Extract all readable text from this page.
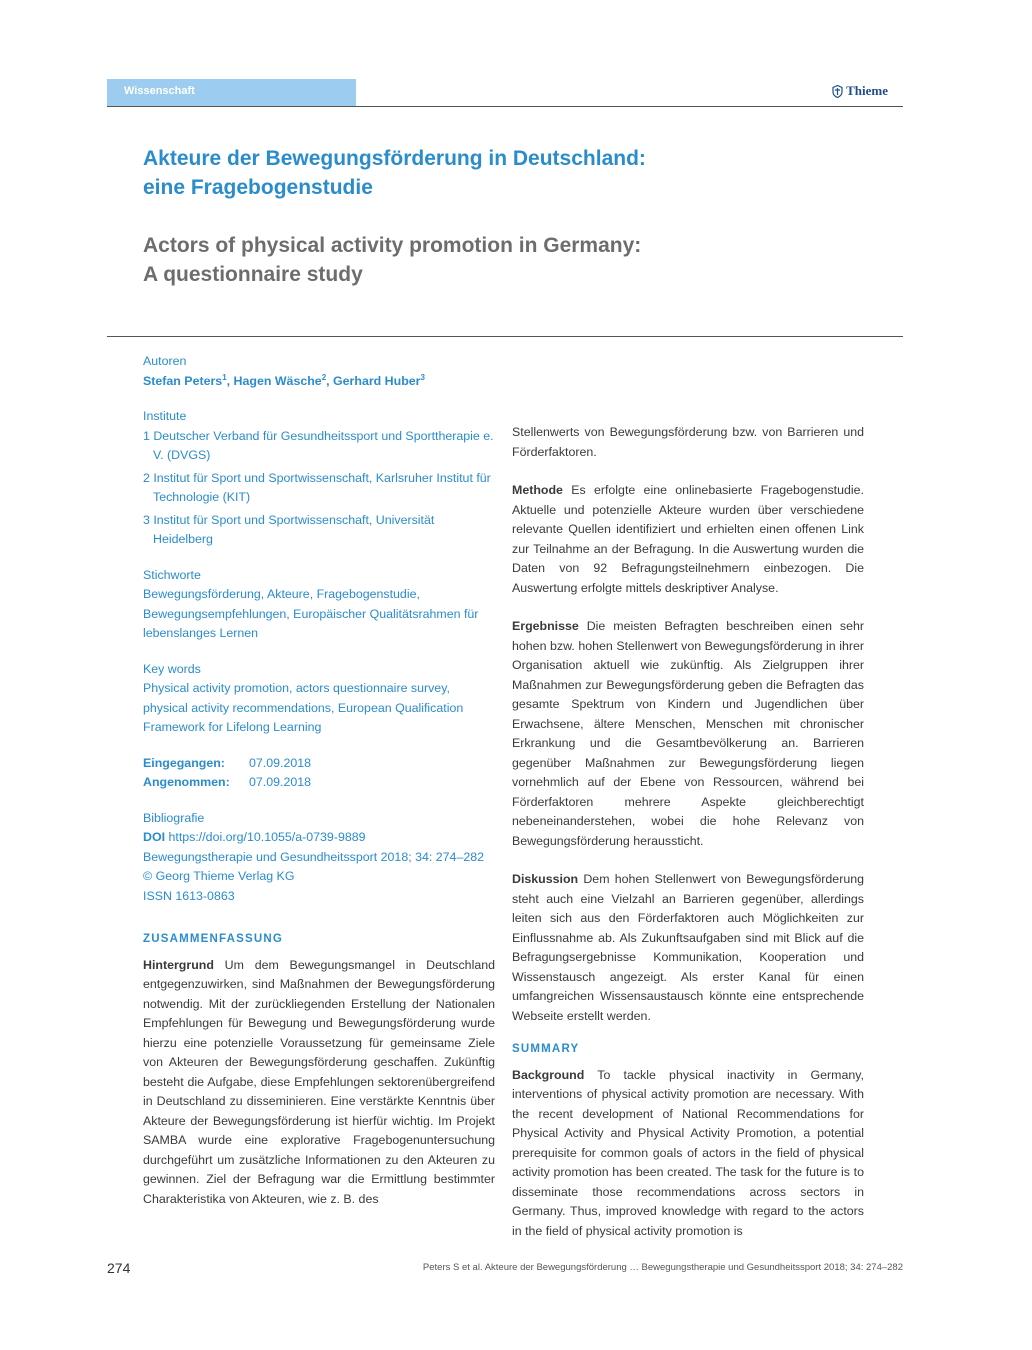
Wissenschaft	Thieme
Akteure der Bewegungsförderung in Deutschland:
eine Fragebogenstudie
Actors of physical activity promotion in Germany:
A questionnaire study

Autoren

Stefan Peters$^1$, Hagen Wäsche$^2$, Gerhard Huber$^3$

Institute

1 Deutscher Verband für Gesundheitssport und Sporttherapie e. V. (DVGS)

2 Institut für Sport und Sportwissenschaft, Karlsruher Institut für Technologie (KIT)

3 Institut für Sport und Sportwissenschaft, Universität Heidelberg

Stichworte

Bewegungsförderung, Akteure, Fragebogenstudie, Bewegungsempfehlungen, Europäischer Qualitätsrahmen für lebenslanges Lernen

Key words

Physical activity promotion, actors questionnaire survey, physical activity recommendations, European Qualification Framework for Lifelong Learning

Eingegangen:	07.09.2018
Angenommen:	07.09.2018

Bibliografie

DOI https://doi.org/10.1055/a-0739-9889

Bewegungstherapie und Gesundheitssport 2018; 34: 274–282

© Georg Thieme Verlag KG

ISSN 1613-0863

ZUSAMMENFASSUNG

Hintergrund Um dem Bewegungsmangel in Deutschland entgegenzuwirken, sind Maßnahmen der Bewegungsförderung notwendig. Mit der zurückliegenden Erstellung der Nationalen Empfehlungen für Bewegung und Bewegungsförderung wurde hierzu eine potenzielle Voraussetzung für gemeinsame Ziele von Akteuren der Bewegungsförderung geschaffen. Zukünftig besteht die Aufgabe, diese Empfehlungen sektorenübergreifend in Deutschland zu disseminieren. Eine verstärkte Kenntnis über Akteure der Bewegungsförderung ist hierfür wichtig. Im Projekt SAMBA wurde eine explorative Fragebogenuntersuchung durchgeführt um zusätzliche Informationen zu den Akteuren zu gewinnen. Ziel der Befragung war die Ermittlung bestimmter Charakteristika von Akteuren, wie z. B. des

Stellenwerts von Bewegungsförderung bzw. von Barrieren und Förderfaktoren.

Methode Es erfolgte eine onlinebasierte Fragebogenstudie. Aktuelle und potenzielle Akteure wurden über verschiedene relevante Quellen identifiziert und erhielten einen offenen Link zur Teilnahme an der Befragung. In die Auswertung wurden die Daten von 92 Befragungsteilnehmern einbezogen. Die Auswertung erfolgte mittels deskriptiver Analyse.

Ergebnisse Die meisten Befragten beschreiben einen sehr hohen bzw. hohen Stellenwert von Bewegungsförderung in ihrer Organisation aktuell wie zukünftig. Als Zielgruppen ihrer Maßnahmen zur Bewegungsförderung geben die Befragten das gesamte Spektrum von Kindern und Jugendlichen über Erwachsene, ältere Menschen, Menschen mit chronischer Erkrankung und die Gesamtbevölkerung an. Barrieren gegenüber Maßnahmen zur Bewegungsförderung liegen vornehmlich auf der Ebene von Ressourcen, während bei Förderfaktoren mehrere Aspekte gleichberechtigt nebeneinanderstehen, wobei die hohe Relevanz von Bewegungsförderung heraussticht.

Diskussion Dem hohen Stellenwert von Bewegungsförderung steht auch eine Vielzahl an Barrieren gegenüber, allerdings leiten sich aus den Förderfaktoren auch Möglichkeiten zur Einflussnahme ab. Als Zukunftsaufgaben sind mit Blick auf die Befragungsergebnisse Kommunikation, Kooperation und Wissenstausch angezeigt. Als erster Kanal für einen umfangreichen Wissensaustausch könnte eine entsprechende Webseite erstellt werden.

SUMMARY

Background To tackle physical inactivity in Germany, interventions of physical activity promotion are necessary. With the recent development of National Recommendations for Physical Activity and Physical Activity Promotion, a potential prerequisite for common goals of actors in the field of physical activity promotion has been created. The task for the future is to disseminate those recommendations across sectors in Germany. Thus, improved knowledge with regard to the actors in the field of physical activity promotion is

274	Peters S et al. Akteure der Bewegungsförderung … Bewegungstherapie und Gesundheitssport 2018; 34: 274–282
